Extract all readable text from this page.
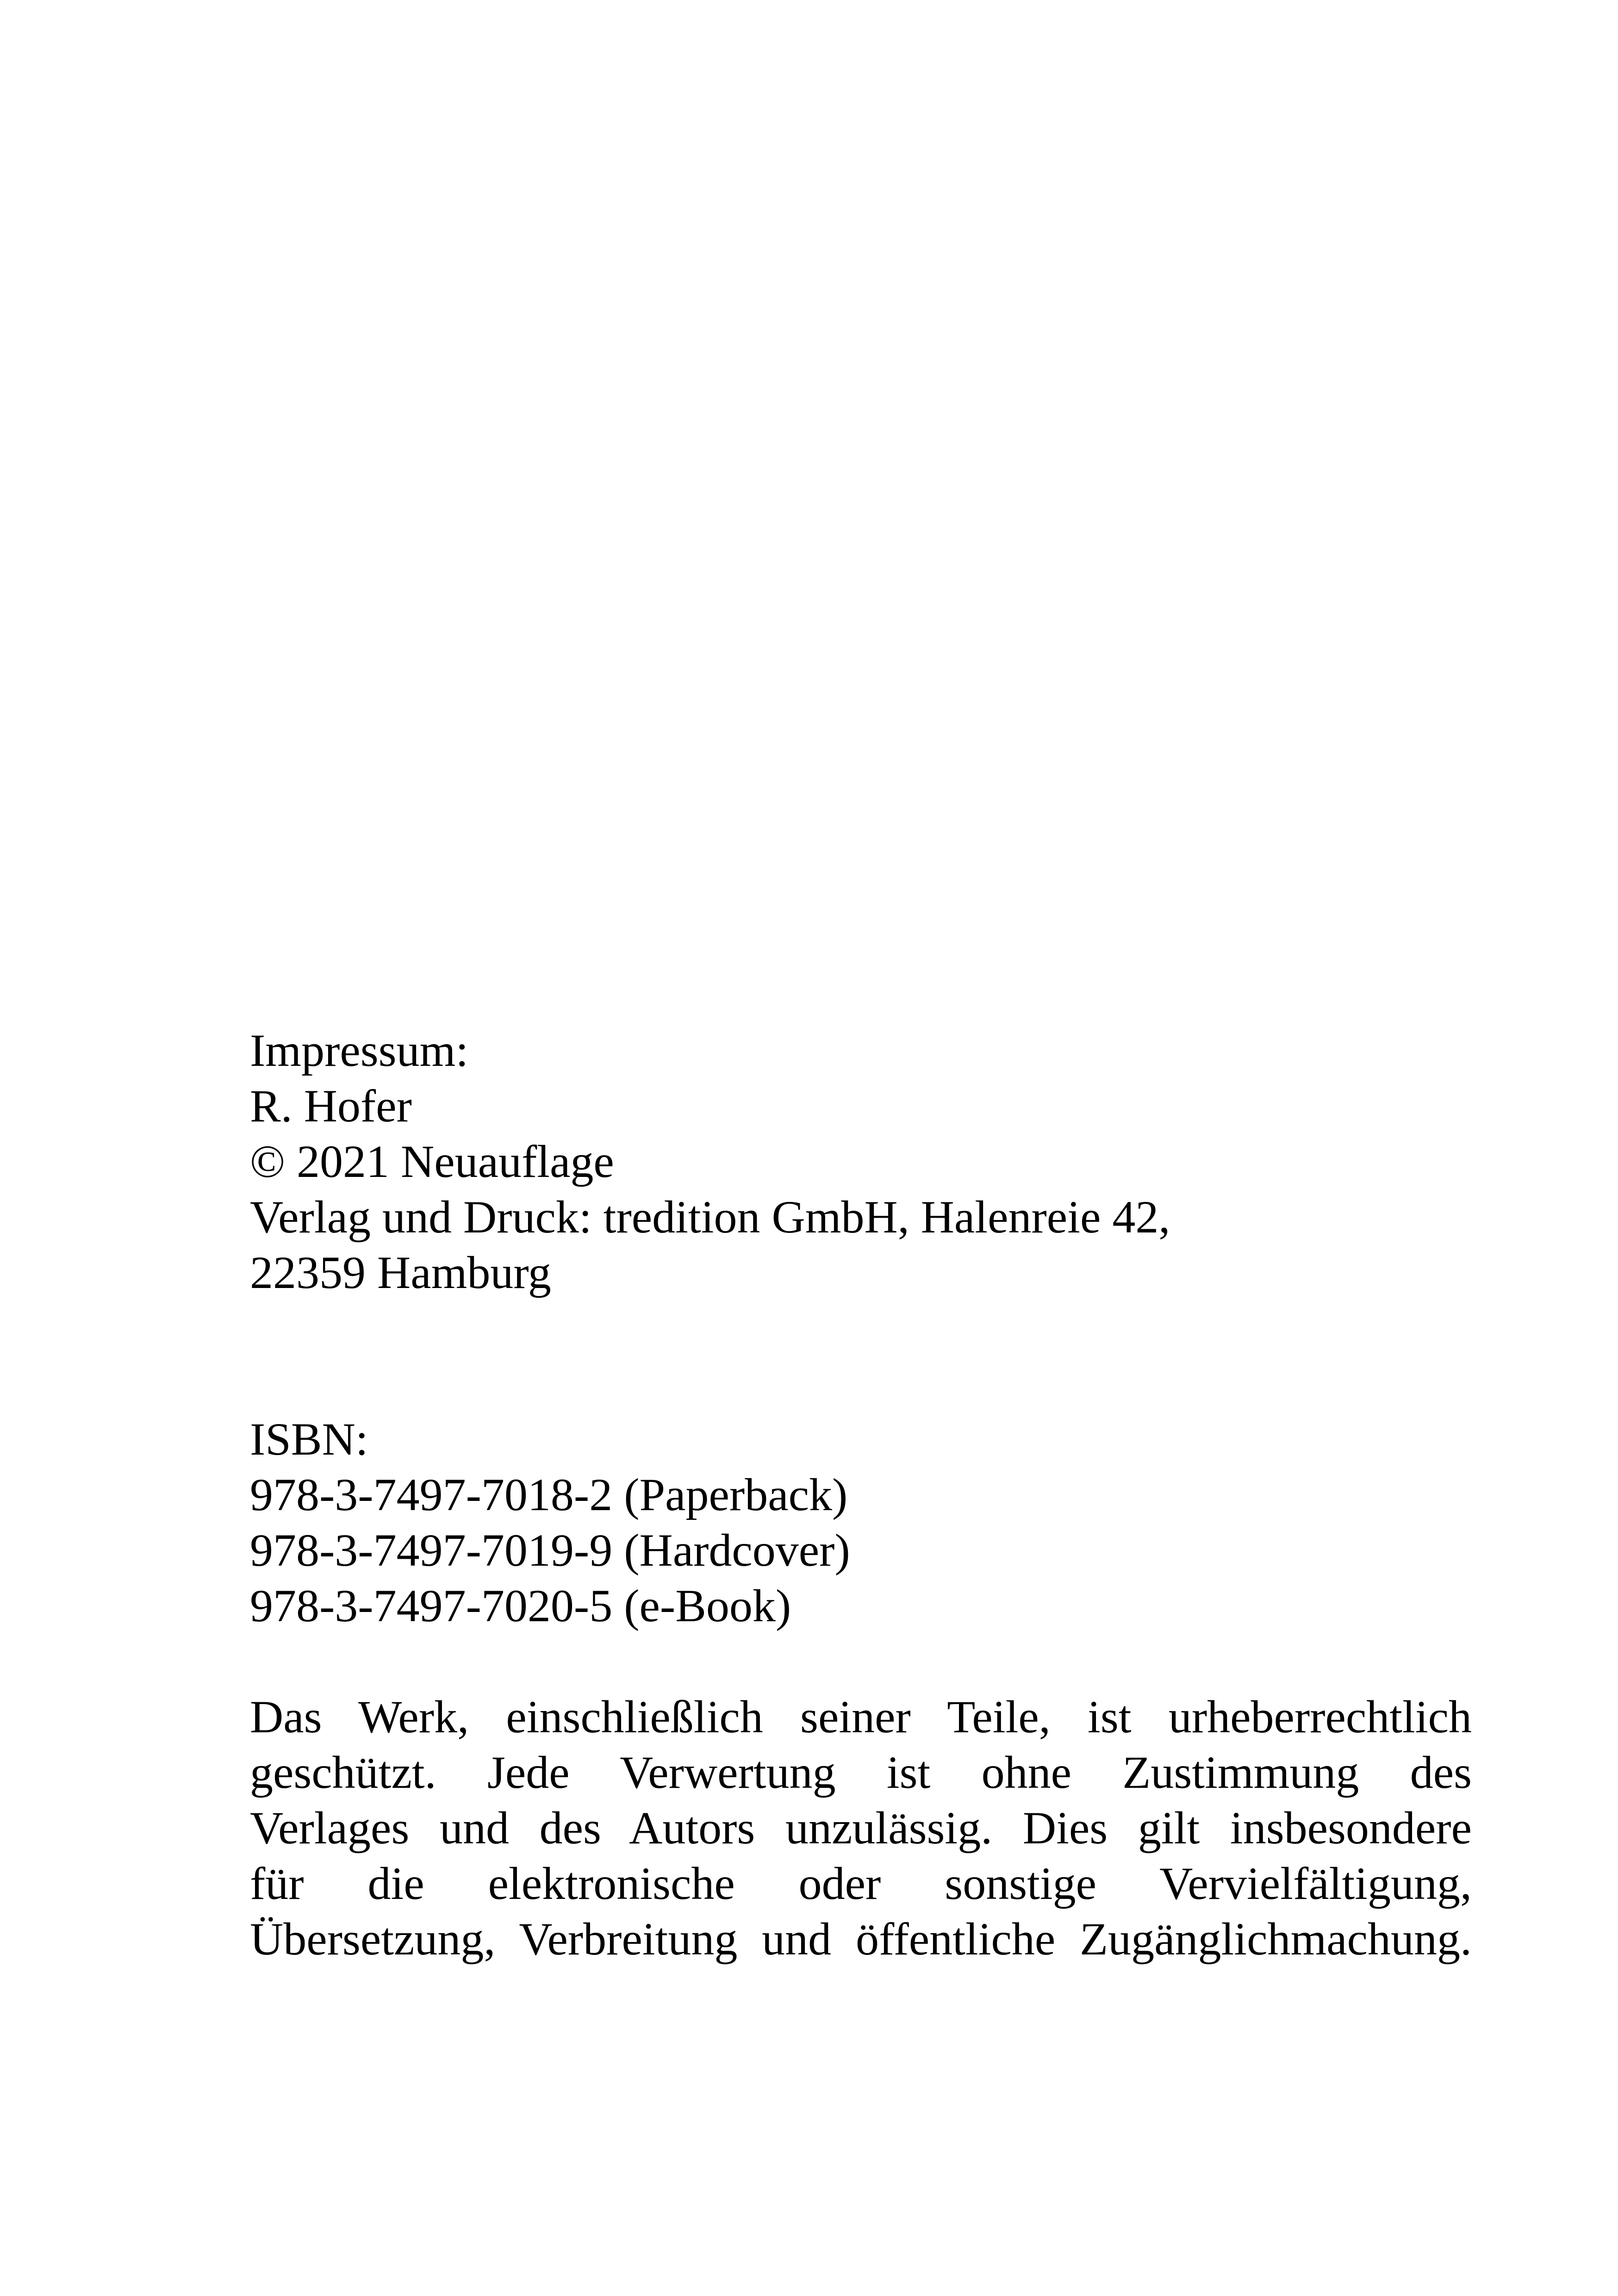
Impressum:
R. Hofer
© 2021 Neuauflage
Verlag und Druck: tredition GmbH, Halenreie 42,
22359 Hamburg
ISBN:
978-3-7497-7018-2 (Paperback)
978-3-7497-7019-9 (Hardcover)
978-3-7497-7020-5 (e-Book)
Das Werk, einschließlich seiner Teile, ist urheberrechtlich
geschützt. Jede Verwertung ist ohne Zustimmung des
Verlages und des Autors unzulässig. Dies gilt insbesondere
für die elektronische oder sonstige Vervielfältigung,
Übersetzung, Verbreitung und öffentliche Zugänglichmachung.
